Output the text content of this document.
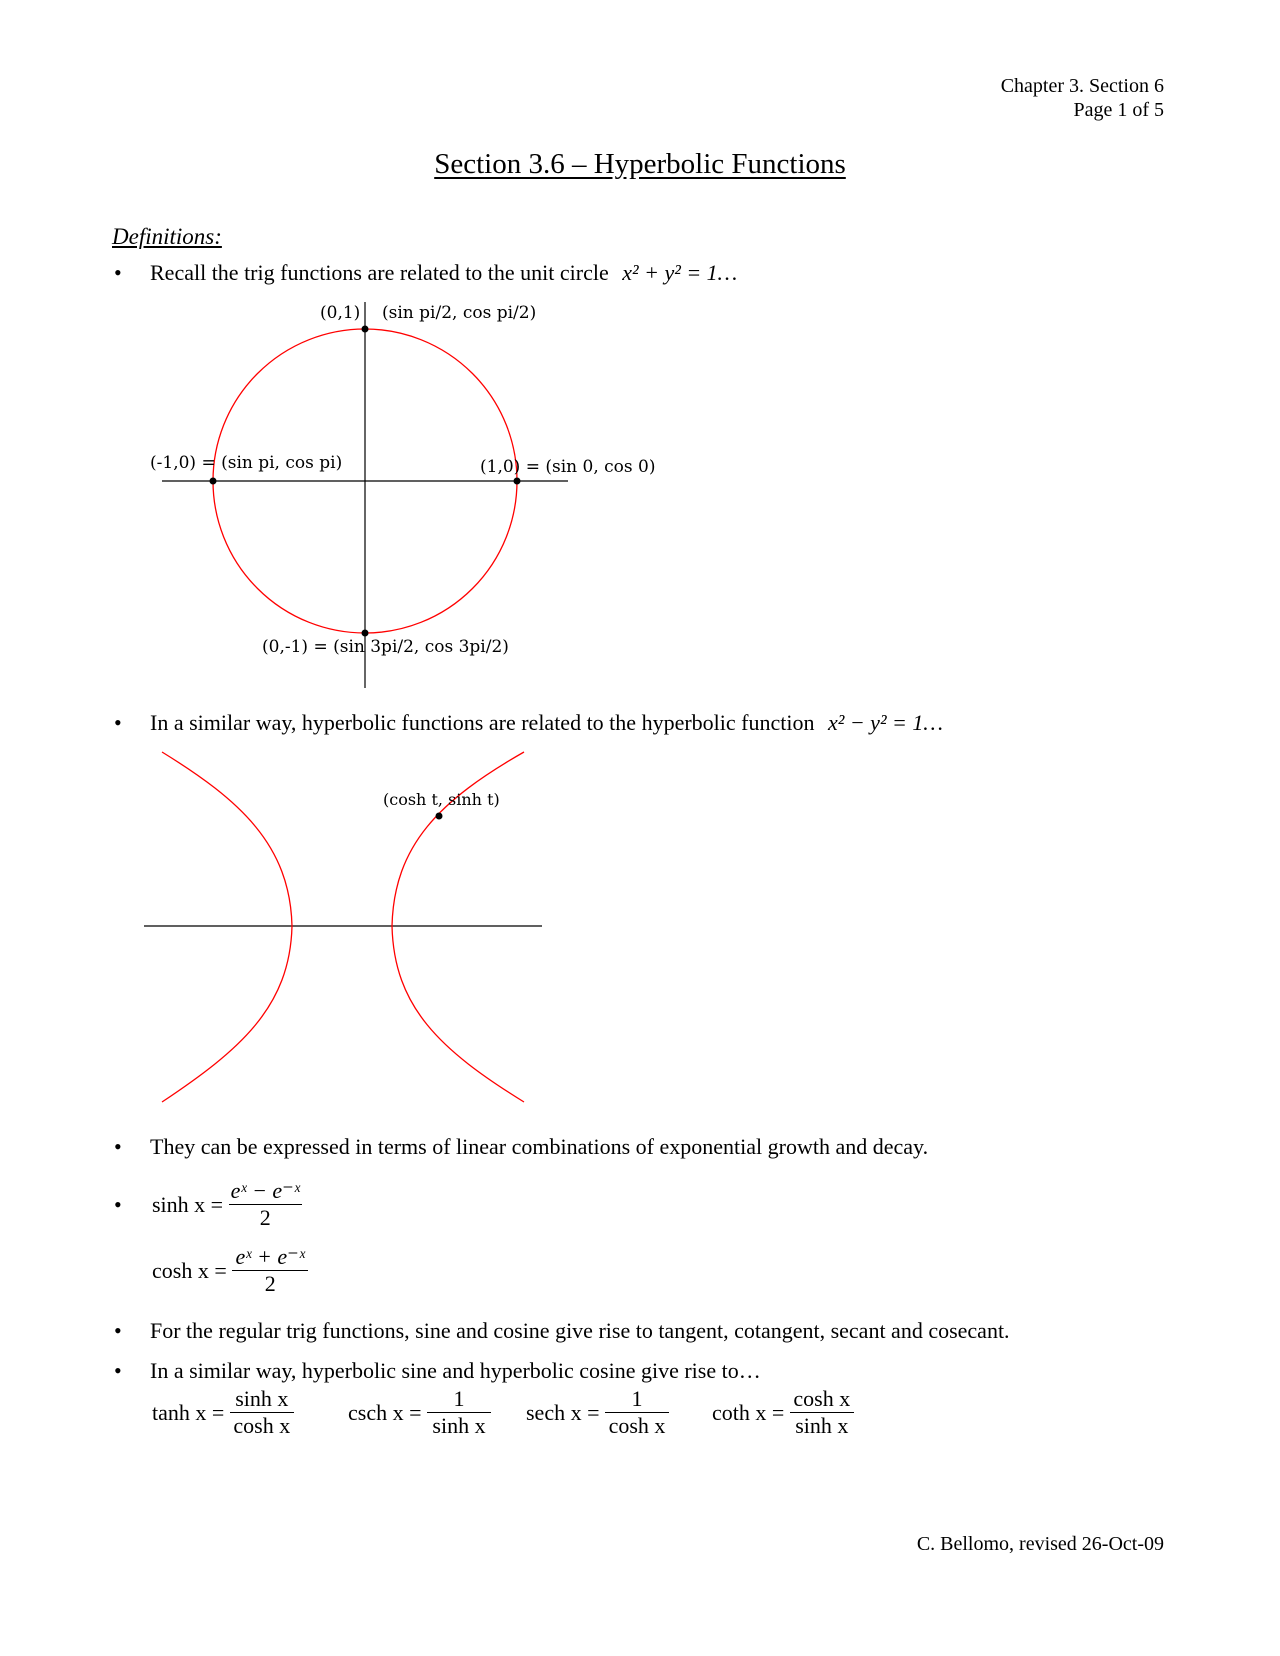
Chapter 3. Section 6
Page 1 of 5
Section 3.6 – Hyperbolic Functions
Definitions:
• Recall the trig functions are related to the unit circle x² + y² = 1…
(0,1) (sin pi/2, cos pi/2)
(-1,0) = (sin pi, cos pi)	(1,0) = (sin 0, cos 0)
(0,-1) = (sin 3pi/2, cos 3pi/2)
• In a similar way, hyperbolic functions are related to the hyperbolic function x² − y² = 1…
(cosh t, sinh t)
• They can be expressed in terms of linear combinations of exponential growth and decay.
• $\sinh x = \frac{\text{eˣ − e⁻ˣ}}{2}$
$\cosh x = \frac{\text{eˣ + e⁻ˣ}}{2}$
• For the regular trig functions, sine and cosine give rise to tangent, cotangent, secant and cosecant.
• In a similar way, hyperbolic sine and hyperbolic cosine give rise to…
$\tanh x = \frac{\text{sinh x}}{\text{cosh x}}$ csch $x = \frac{1}{\text{sinh x}}$ sech $x = \frac{1}{\text{cosh x}}$ coth $x = \frac{\text{cosh x}}{\text{sinh x}}$
C. Bellomo, revised 26-Oct-09
